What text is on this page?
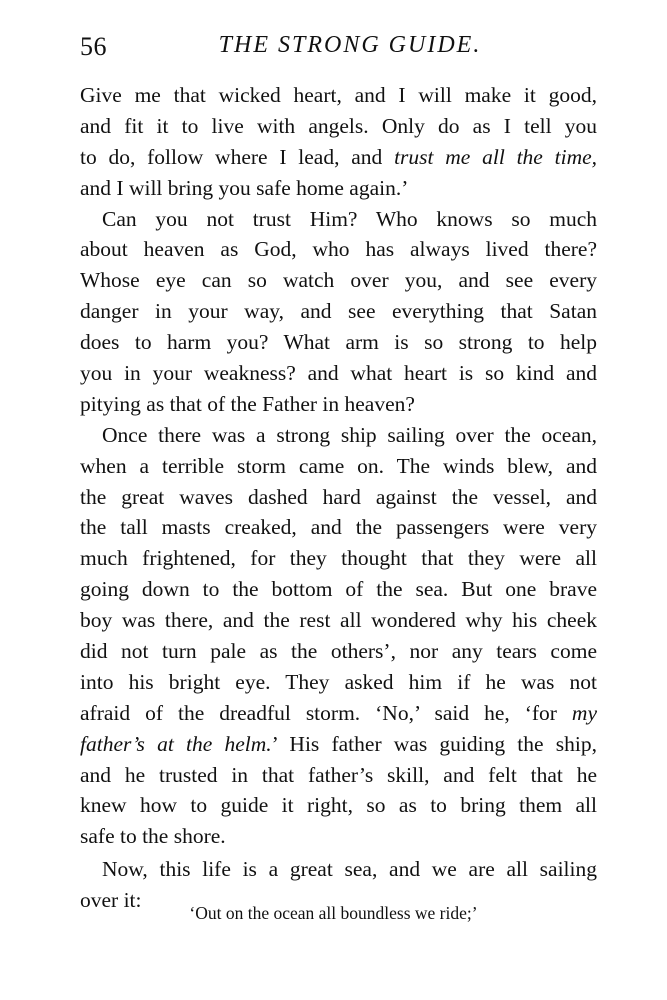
56	THE STRONG GUIDE.
Give me that wicked heart, and I will make it good,
and fit it to live with angels. Only do as I tell you
to do, follow where I lead, and trust me all the time,
and I will bring you safe home again.’
Can you not trust Him? Who knows so much
about heaven as God, who has always lived there?
Whose eye can so watch over you, and see every
danger in your way, and see everything that Satan
does to harm you? What arm is so strong to help
you in your weakness? and what heart is so kind and
pitying as that of the Father in heaven?
Once there was a strong ship sailing over the ocean,
when a terrible storm came on. The winds blew, and
the great waves dashed hard against the vessel, and
the tall masts creaked, and the passengers were very
much frightened, for they thought that they were all
going down to the bottom of the sea. But one brave
boy was there, and the rest all wondered why his cheek
did not turn pale as the others’, nor any tears come
into his bright eye. They asked him if he was not
afraid of the dreadful storm. ‘No,’ said he, ‘for my
father’s at the helm.’ His father was guiding the ship,
and he trusted in that father’s skill, and felt that he
knew how to guide it right, so as to bring them all
safe to the shore.
Now, this life is a great sea, and we are all sailing
over it:
‘Out on the ocean all boundless we ride;’
